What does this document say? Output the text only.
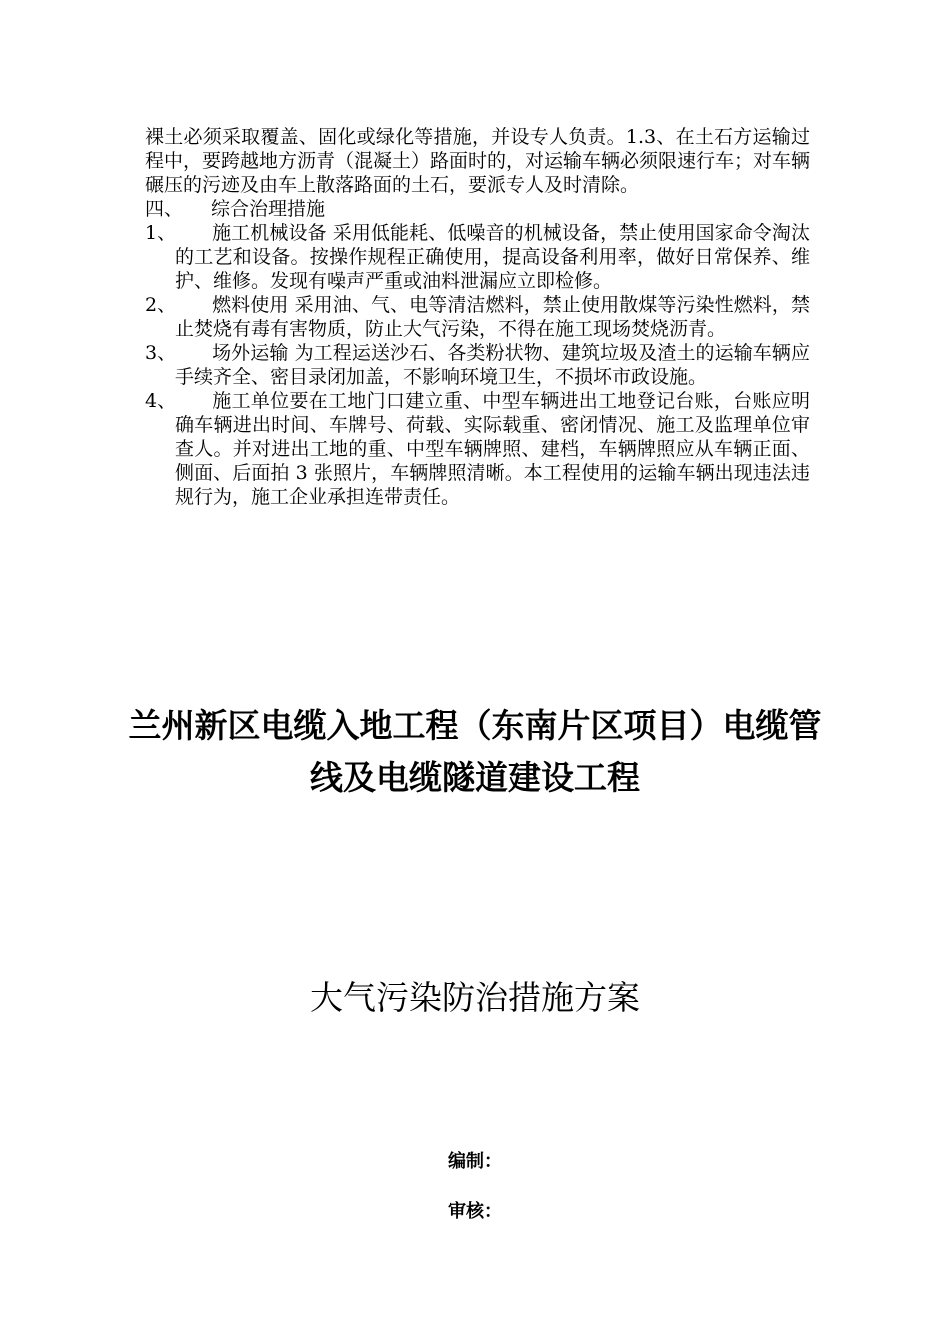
裸土必须采取覆盖、固化或绿化等措施，并设专人负责。1.3、在土石方运输过程中，要跨越地方沥青（混凝土）路面时的，对运输车辆必须限速行车；对车辆碾压的污迹及由车上散落路面的土石，要派专人及时清除。

四、	综合治理措施

1、 施工机械设备 采用低能耗、低噪音的机械设备，禁止使用国家命令淘汰的工艺和设备。按操作规程正确使用，提高设备利用率，做好日常保养、维护、维修。发现有噪声严重或油料泄漏应立即检修。

2、 燃料使用 采用油、气、电等清洁燃料，禁止使用散煤等污染性燃料，禁止焚烧有毒有害物质，防止大气污染，不得在施工现场焚烧沥青。

3、 场外运输 为工程运送沙石、各类粉状物、建筑垃圾及渣土的运输车辆应手续齐全、密目录闭加盖，不影响环境卫生，不损坏市政设施。

4、 施工单位要在工地门口建立重、中型车辆进出工地登记台账，台账应明确车辆进出时间、车牌号、荷载、实际载重、密闭情况、施工及监理单位审查人。并对进出工地的重、中型车辆牌照、建档，车辆牌照应从车辆正面、侧面、后面拍 3 张照片，车辆牌照清晰。本工程使用的运输车辆出现违法违规行为，施工企业承担连带责任。

兰州新区电缆入地工程（东南片区项目）电缆管线及电缆隧道建设工程
大气污染防治措施方案
编制：
审核：
